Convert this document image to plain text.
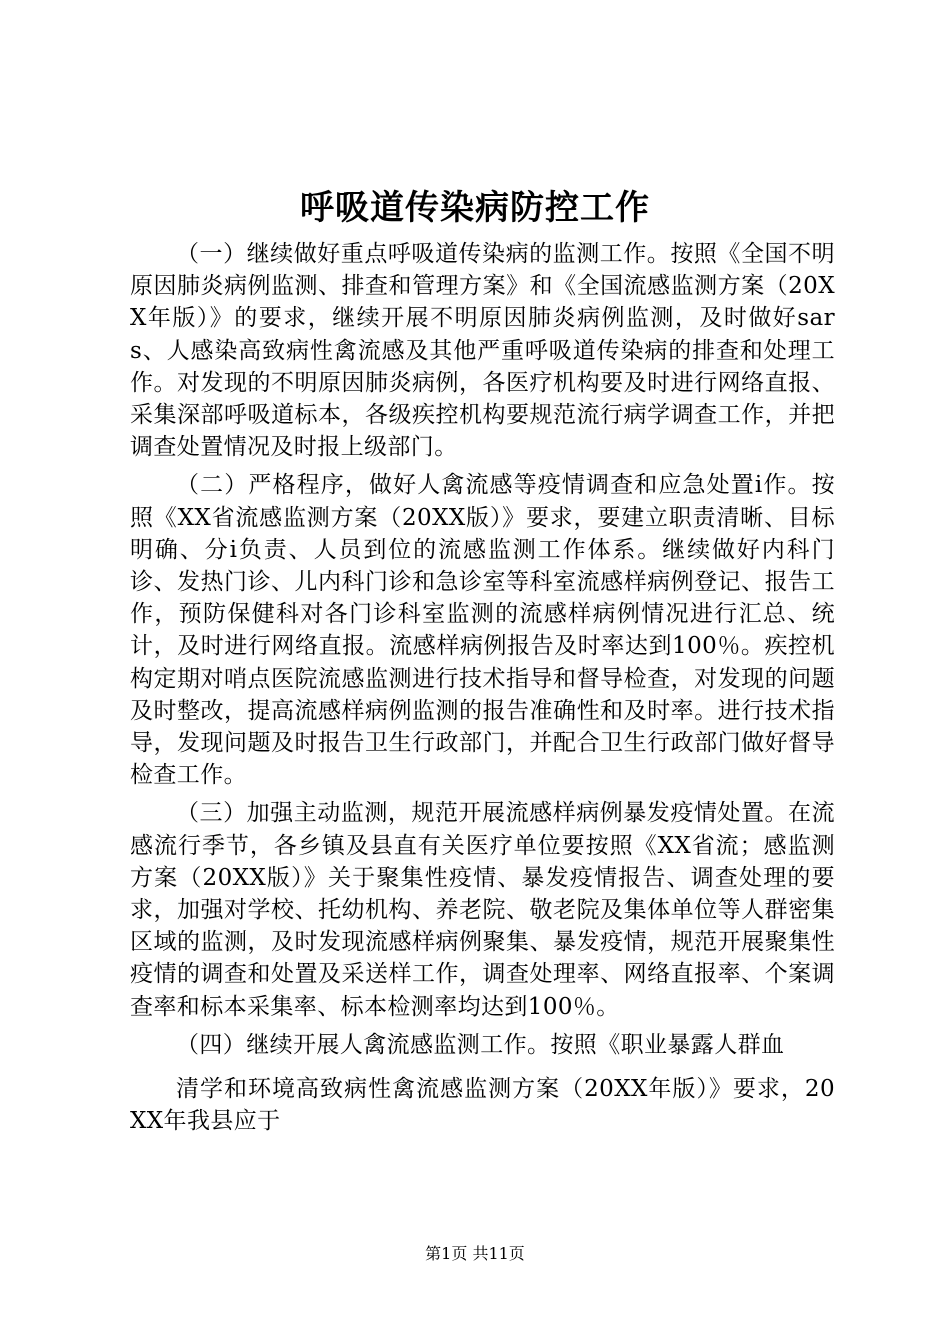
呼吸道传染病防控工作

（一）继续做好重点呼吸道传染病的监测工作。按照《全国不明原因肺炎病例监测、排查和管理方案》和《全国流感监测方案（20XX年版）》的要求，继续开展不明原因肺炎病例监测，及时做好sars、人感染高致病性禽流感及其他严重呼吸道传染病的排查和处理工作。对发现的不明原因肺炎病例，各医疗机构要及时进行网络直报、采集深部呼吸道标本，各级疾控机构要规范流行病学调查工作，并把调查处置情况及时报上级部门。

（二）严格程序，做好人禽流感等疫情调查和应急处置i作。按照《XX省流感监测方案（20XX版）》要求，要建立职责清晰、目标明确、分i负责、人员到位的流感监测工作体系。继续做好内科门诊、发热门诊、儿内科门诊和急诊室等科室流感样病例登记、报告工作，预防保健科对各门诊科室监测的流感样病例情况进行汇总、统计，及时进行网络直报。流感样病例报告及时率达到100％。疾控机构定期对哨点医院流感监测进行技术指导和督导检查，对发现的问题及时整改，提高流感样病例监测的报告准确性和及时率。进行技术指导，发现问题及时报告卫生行政部门，并配合卫生行政部门做好督导检查工作。

（三）加强主动监测，规范开展流感样病例暴发疫情处置。在流感流行季节，各乡镇及县直有关医疗单位要按照《XX省流；感监测方案（20XX版）》关于聚集性疫情、暴发疫情报告、调查处理的要求，加强对学校、托幼机构、养老院、敬老院及集体单位等人群密集区域的监测，及时发现流感样病例聚集、暴发疫情，规范开展聚集性疫情的调查和处置及采送样工作，调查处理率、网络直报率、个案调查率和标本采集率、标本检测率均达到100％。

（四）继续开展人禽流感监测工作。按照《职业暴露人群血

清学和环境高致病性禽流感监测方案（20XX年版）》要求，20XX年我县应于

第1页 共11页
